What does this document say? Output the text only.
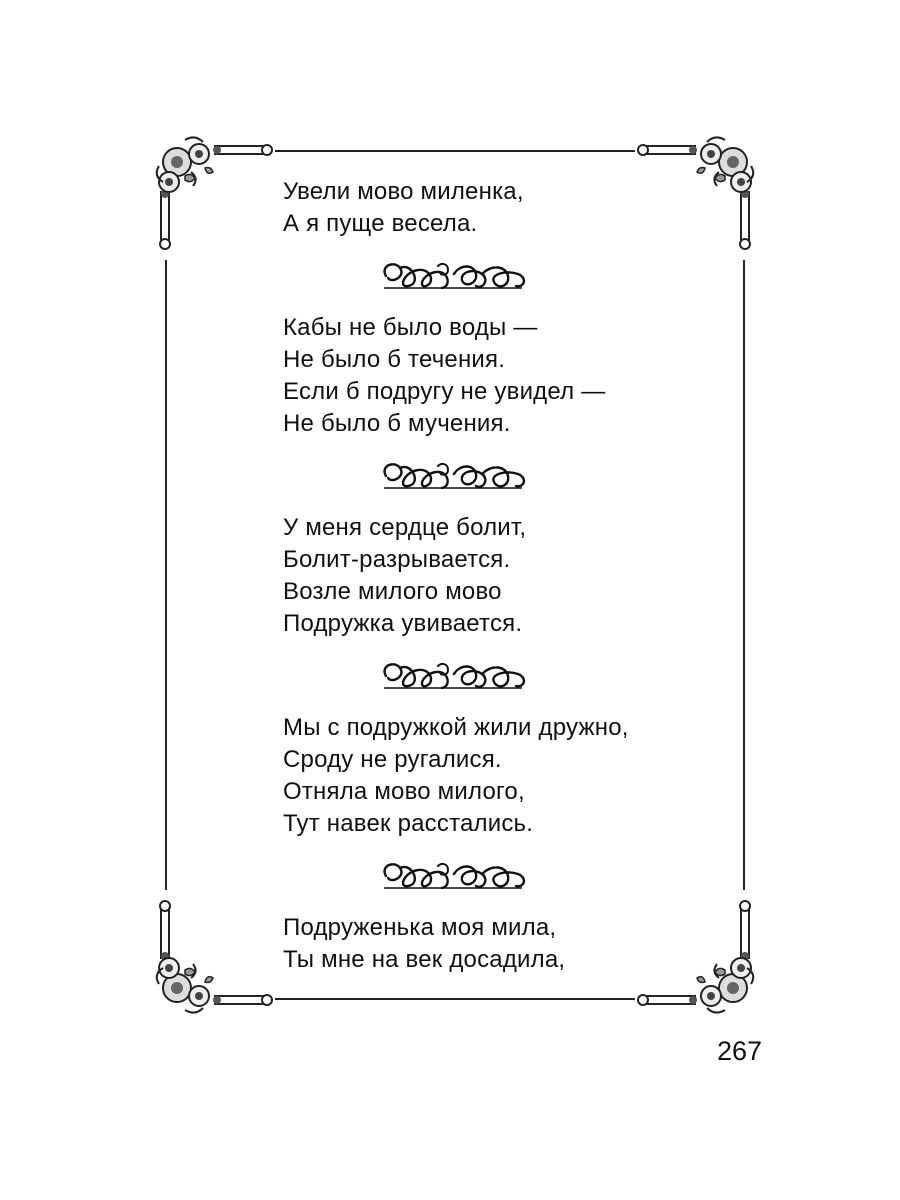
Увели мово миленка,
А я пуще весела.
Кабы не было воды —
Не было б течения.
Если б подругу не увидел —
Не было б мучения.
У меня сердце болит,
Болит-разрывается.
Возле милого мово
Подружка увивается.
Мы с подружкой жили дружно,
Сроду не ругалися.
Отняла мово милого,
Тут навек расстались.
Подруженька моя мила,
Ты мне на век досадила,
267
